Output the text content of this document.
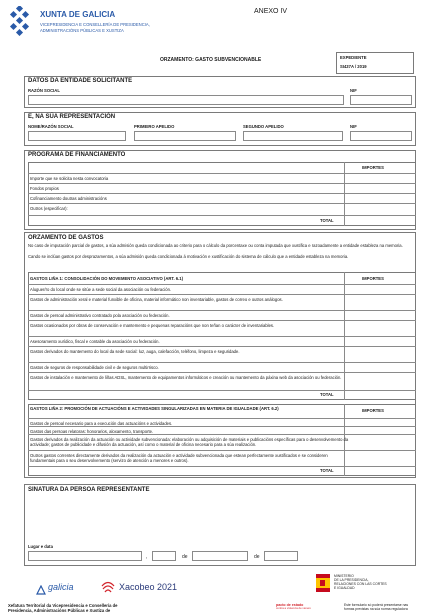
XUNTA DE GALICIA
VICEPRESIDENCIA E CONSELLERÍA DE PRESIDENCIA,
ADMINISTRACIÓNS PÚBLICAS E XUSTIZA
ANEXO IV
ORZAMENTO: GASTO SUBVENCIONABLE	EXPEDIENTE
SI437A / 2019
DATOS DA ENTIDADE SOLICITANTE
RAZÓN SOCIAL	NIF
E, NA SÚA REPRESENTACIÓN
NOME/RAZÓN SOCIAL	PRIMEIRO APELIDO	SEGUNDO APELIDO	NIF
PROGRAMA DE FINANCIAMENTO
IMPORTES
Importe que se solicita nesta convocatoria
Fondos propios
Cofinanciamento doutras administracións
Outros (especificar):
TOTAL
ORZAMENTO DE GASTOS
No caso de imputación parcial de gastos, a súa admisión queda condicionada ao criterio para o cálculo da porcentaxe ou conta imputada que xustifica e razoadamente a entidade estableza na memoria.
Cando se inclúan gastos por desprazamentos, a súa admisión queda condicionada á motivación e xustificación do sistema de cálculo que a entidade estableza na memoria.
GASTOS LIÑA 1: CONSOLIDACIÓN DO MOVEMENTO ASOCIATIVO (ART. 6.1)	IMPORTES
Aluguer/ro do local onde se sitúe a sede social da asociación ou federación.
Gastos de administración xeral e material funxible de oficina, material informático non inventariable, gastos de correo e outros análogos.
Gastos de persoal administrativo contratado pola asociación ou federación.
Gastos ocasionados por obras de conservación e mantemento e pequenas reparacións que non teñan o carácter de inventariables.
Asesoramento xurídico, fiscal e contable da asociación ou federación.
Gastos derivados do mantemento do local da sede social: luz, auga, calefacción, teléfono, limpeza e seguridade.
Gastos de seguros de responsabilidade civil e de seguros multirrisco.
Gastos de instalación e mantemento de liñas ADSL, mantemento de equipamentos informáticos e creación ou mantemento da páxina web da asociación ou federación.
TOTAL
GASTOS LIÑA 2: PROMOCIÓN DE ACTUACIÓNS E ACTIVIDADES SINGULARIZADAS EN MATERIA DE IGUALDADE (ART. 6.2)	IMPORTES
Gastos de persoal necesario para a execución das actuacións e actividades.
Gastos das persoas relatoras: honorarios, aloxamento, transporte.
Gastos derivados da realización da actuación ou actividade subvencionada: elaboración ou adquisición de materiais e publicacións específicas para o desenvolvemento da actividade; gastos de publicidade e difusión da actuación, así como o material de oficina necesario para a súa realización.
Outros gastos correntes directamente derivados da realización da actuación e actividade subvencionada que estean perfectamente xustificados e se consideren fundamentais para o seu desenvolvemento (servizo de atención a menores e outros).
TOTAL
SINATURA DA PERSOA REPRESENTANTE
Lugar e data
,	de	de
galicia	Xacobeo 2021
MINISTERIO
DE LA PRESIDENCIA,
RELACIONES CON LAS CORTES
E IGUALDAD
Xefatura Territorial da Vicepresidencia e Consellería de
Presidencia, Administracións Públicas e Xustiza de
pacto de estado
contra a violencia de xénero
Este formulario só poderá presentarse nas
formas previstas na súa norma reguladora
